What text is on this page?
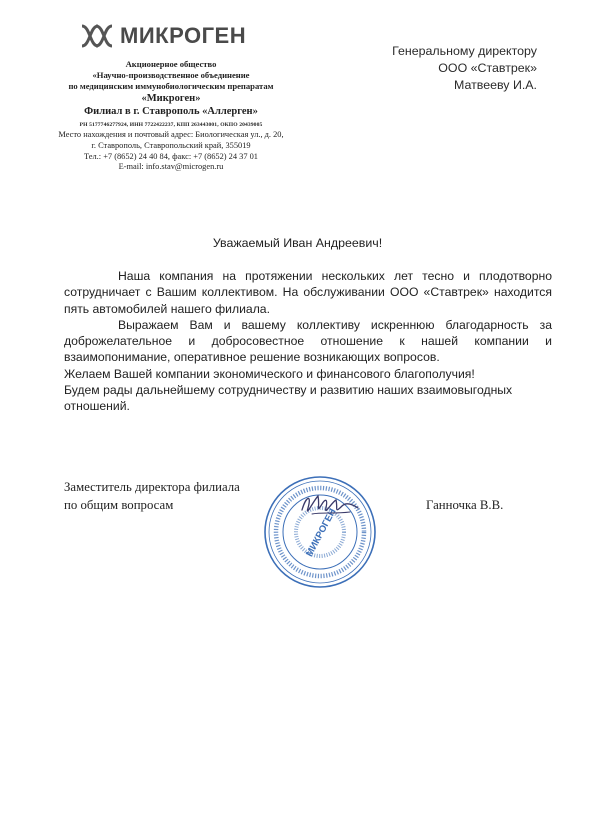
МИКРОГЕН
Акционерное общество
«Научно-производственное объединение
по медицинским иммунобиологическим препаратам
«Микроген»
Филиал в г. Ставрополь «Аллерген»
РН 5177746277924, ИНН 7722422237, КПП 263443001, ОКПО 20439005
Место нахождения и почтовый адрес: Биологическая ул., д. 20,
г. Ставрополь, Ставропольский край, 355019
Тел.: +7 (8652) 24 40 84, факс: +7 (8652) 24 37 01
E-mail: info.stav@microgen.ru
Генеральному директору
ООО «Ставтрек»
Матвееву И.А.
Уважаемый Иван Андреевич!

Наша компания на протяжении нескольких лет тесно и плодотворно сотрудничает с Вашим коллективом. На обслуживании ООО «Ставтрек» находится пять автомобилей нашего филиала.

Выражаем Вам и вашему коллективу искреннюю благодарность за доброжелательное и добросовестное отношение к нашей компании и взаимопонимание, оперативное решение возникающих вопросов.

Желаем Вашей компании экономического и финансового благополучия!

Будем рады дальнейшему сотрудничеству и развитию наших взаимовыгодных отношений.

Заместитель директора филиала
по общим вопросам
МИКРОГЕН
Ганночка В.В.
